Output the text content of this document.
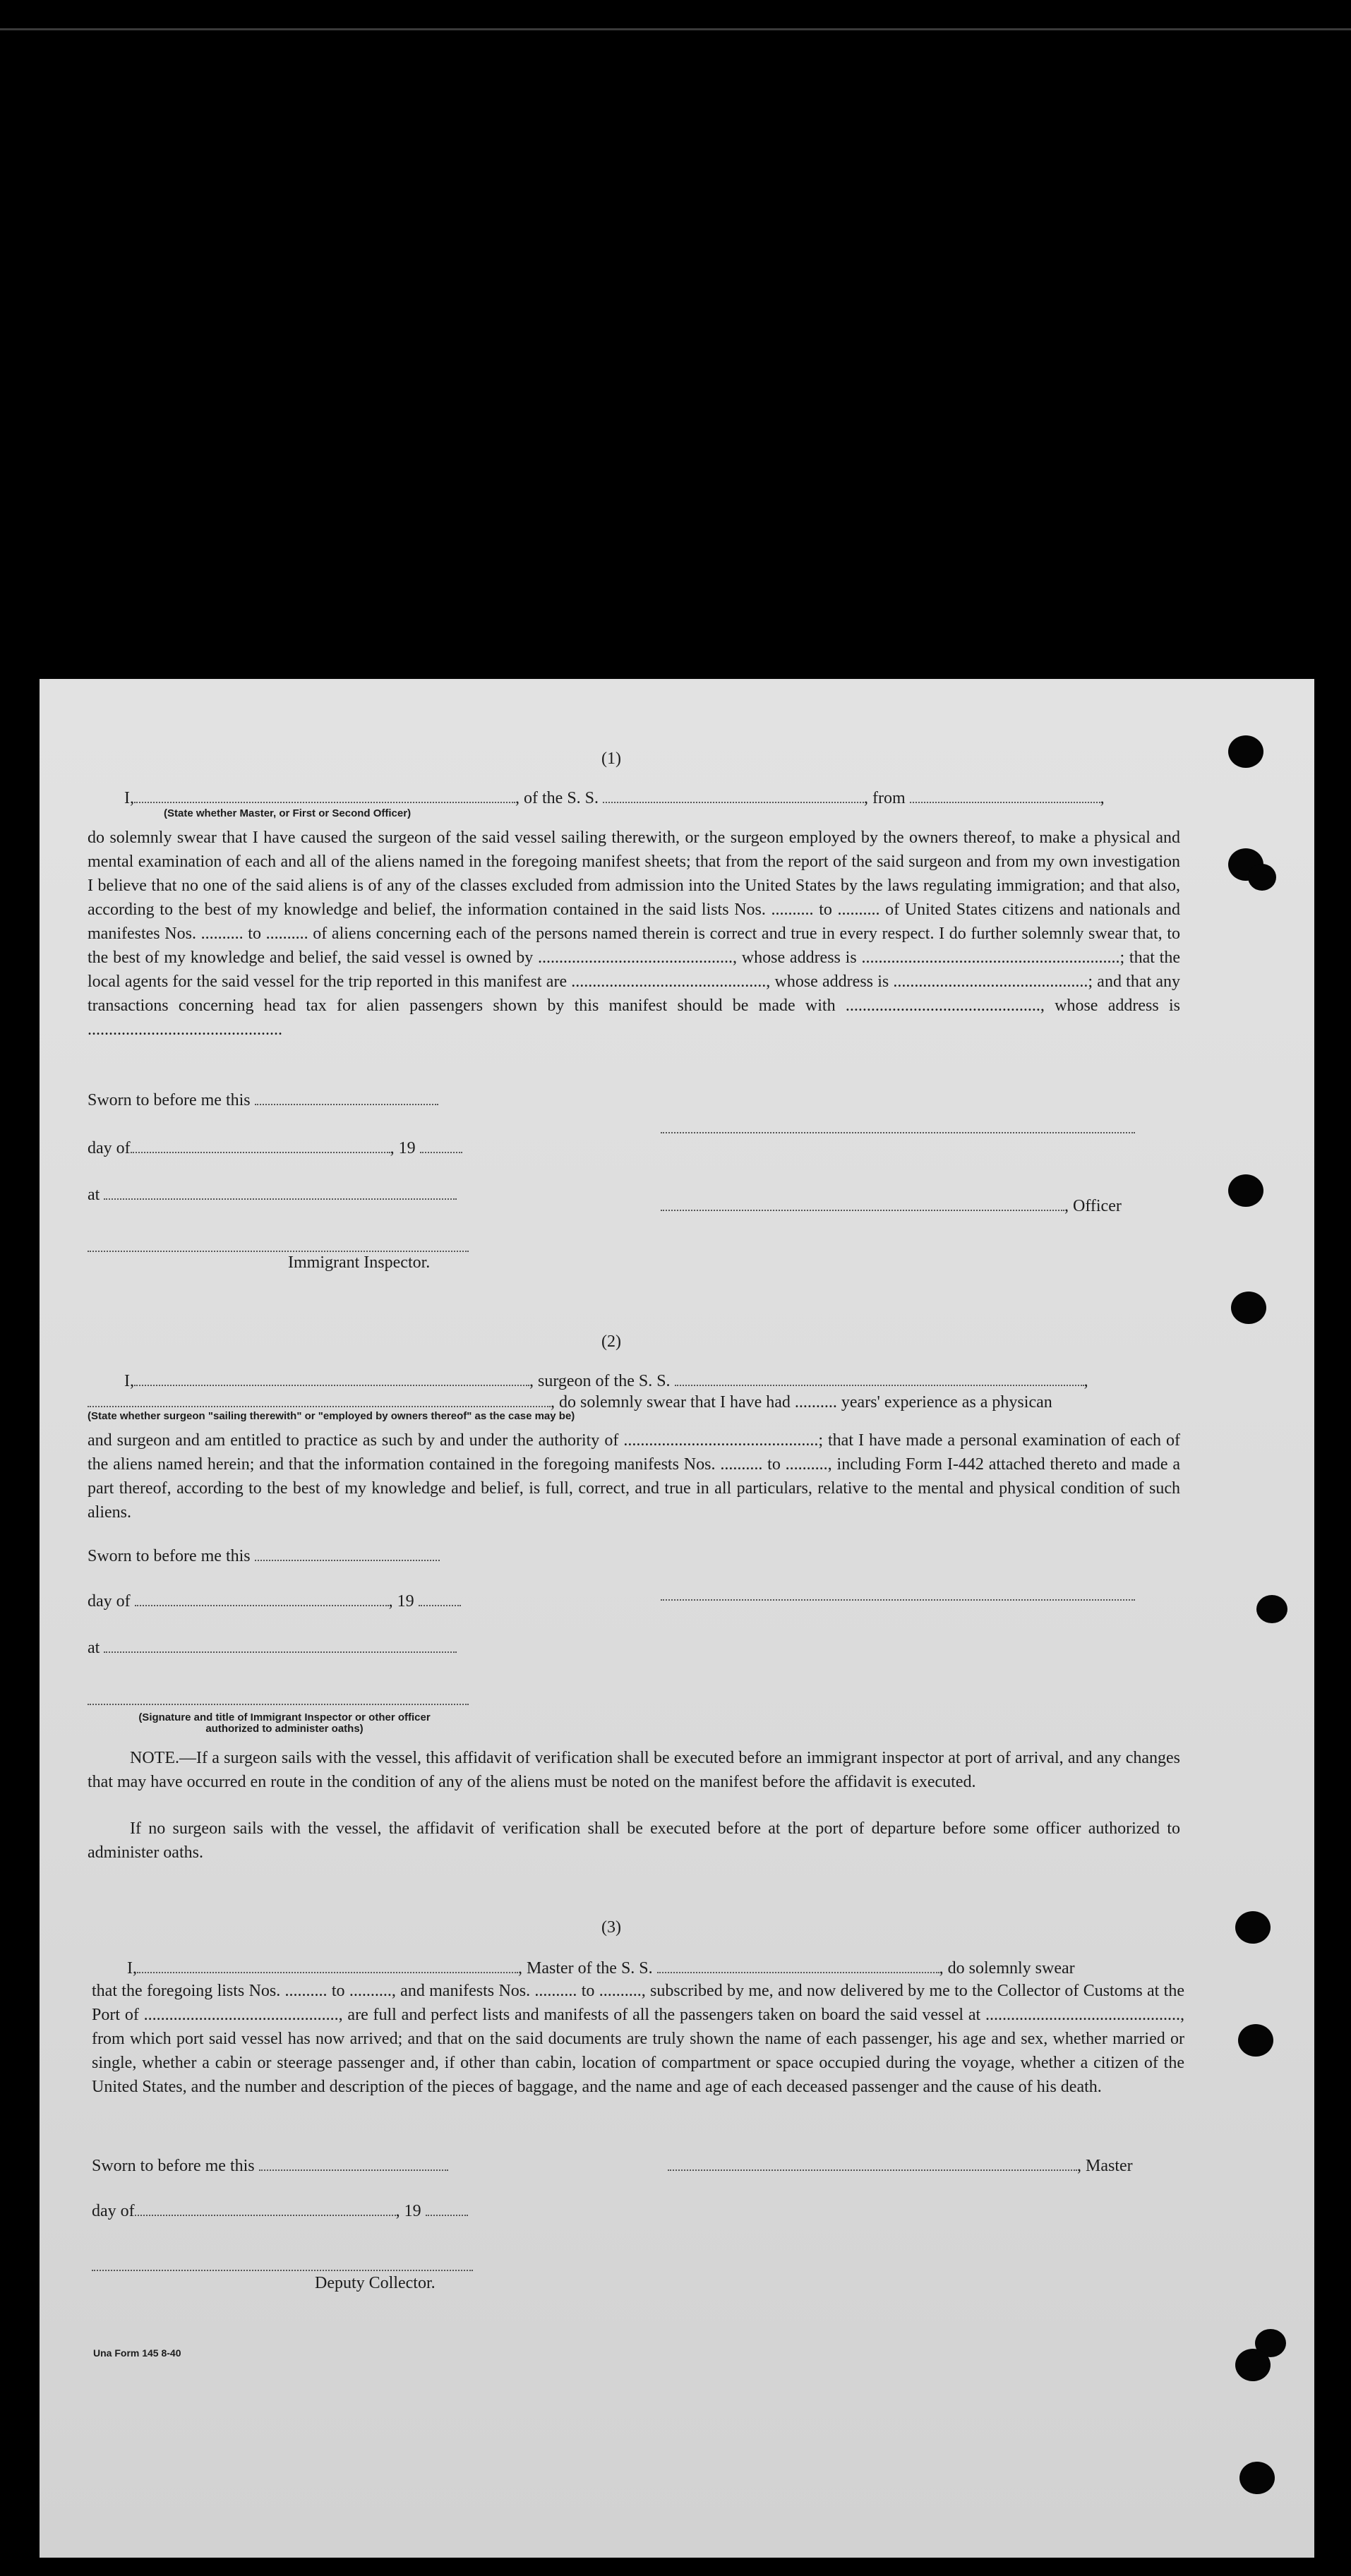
(1)
I,	, of the S. S.	, from	,
(State whether Master, or First or Second Officer)
do solemnly swear that I have caused the surgeon of the said vessel sailing therewith, or the surgeon employed by the owners thereof, to make a physical and mental examination of each and all of the aliens named in the foregoing manifest sheets; that from the report of the said surgeon and from my own investigation I believe that no one of the said aliens is of any of the classes excluded from admission into the United States by the laws regulating immigration; and that also, according to the best of my knowledge and belief, the information contained in the said lists Nos. .......... to .......... of United States citizens and nationals and manifestes Nos. .......... to .......... of aliens concerning each of the persons named therein is correct and true in every respect. I do further solemnly swear that, to the best of my knowledge and belief, the said vessel is owned by .............................................., whose address is .............................................................; that the local agents for the said vessel for the trip reported in this manifest are .............................................., whose address is ..............................................; and that any transactions concerning head tax for alien passengers shown by this manifest should be made with .............................................., whose address is ..............................................
Sworn to before me this
day of	, 19
at
, Officer
Immigrant Inspector.
(2)
I,	, surgeon of the S. S.	,
(State whether surgeon "sailing therewith" or "employed by owners thereof" as the case may be)
, do solemnly swear that I have had .......... years' experience as a physican
and surgeon and am entitled to practice as such by and under the authority of ..............................................; that I have made a personal examination of each of the aliens named herein; and that the information contained in the foregoing manifests Nos. .......... to .........., including Form I-442 attached thereto and made a part thereof, according to the best of my knowledge and belief, is full, correct, and true in all particulars, relative to the mental and physical condition of such aliens.
Sworn to before me this
day of	, 19
at
(Signature and title of Immigrant Inspector or other officer authorized to administer oaths)
NOTE.—If a surgeon sails with the vessel, this affidavit of verification shall be executed before an immigrant inspector at port of arrival, and any changes that may have occurred en route in the condition of any of the aliens must be noted on the manifest before the affidavit is executed.
If no surgeon sails with the vessel, the affidavit of verification shall be executed before at the port of departure before some officer authorized to administer oaths.
(3)
I,	, Master of the S. S.	, do solemnly swear
that the foregoing lists Nos. .......... to .........., and manifests Nos. .......... to .........., subscribed by me, and now delivered by me to the Collector of Customs at the Port of .............................................., are full and perfect lists and manifests of all the passengers taken on board the said vessel at .............................................., from which port said vessel has now arrived; and that on the said documents are truly shown the name of each passenger, his age and sex, whether married or single, whether a cabin or steerage passenger and, if other than cabin, location of compartment or space occupied during the voyage, whether a citizen of the United States, and the number and description of the pieces of baggage, and the name and age of each deceased passenger and the cause of his death.
Sworn to before me this	, Master
day of	, 19
Deputy Collector.
Una Form 145 8-40
